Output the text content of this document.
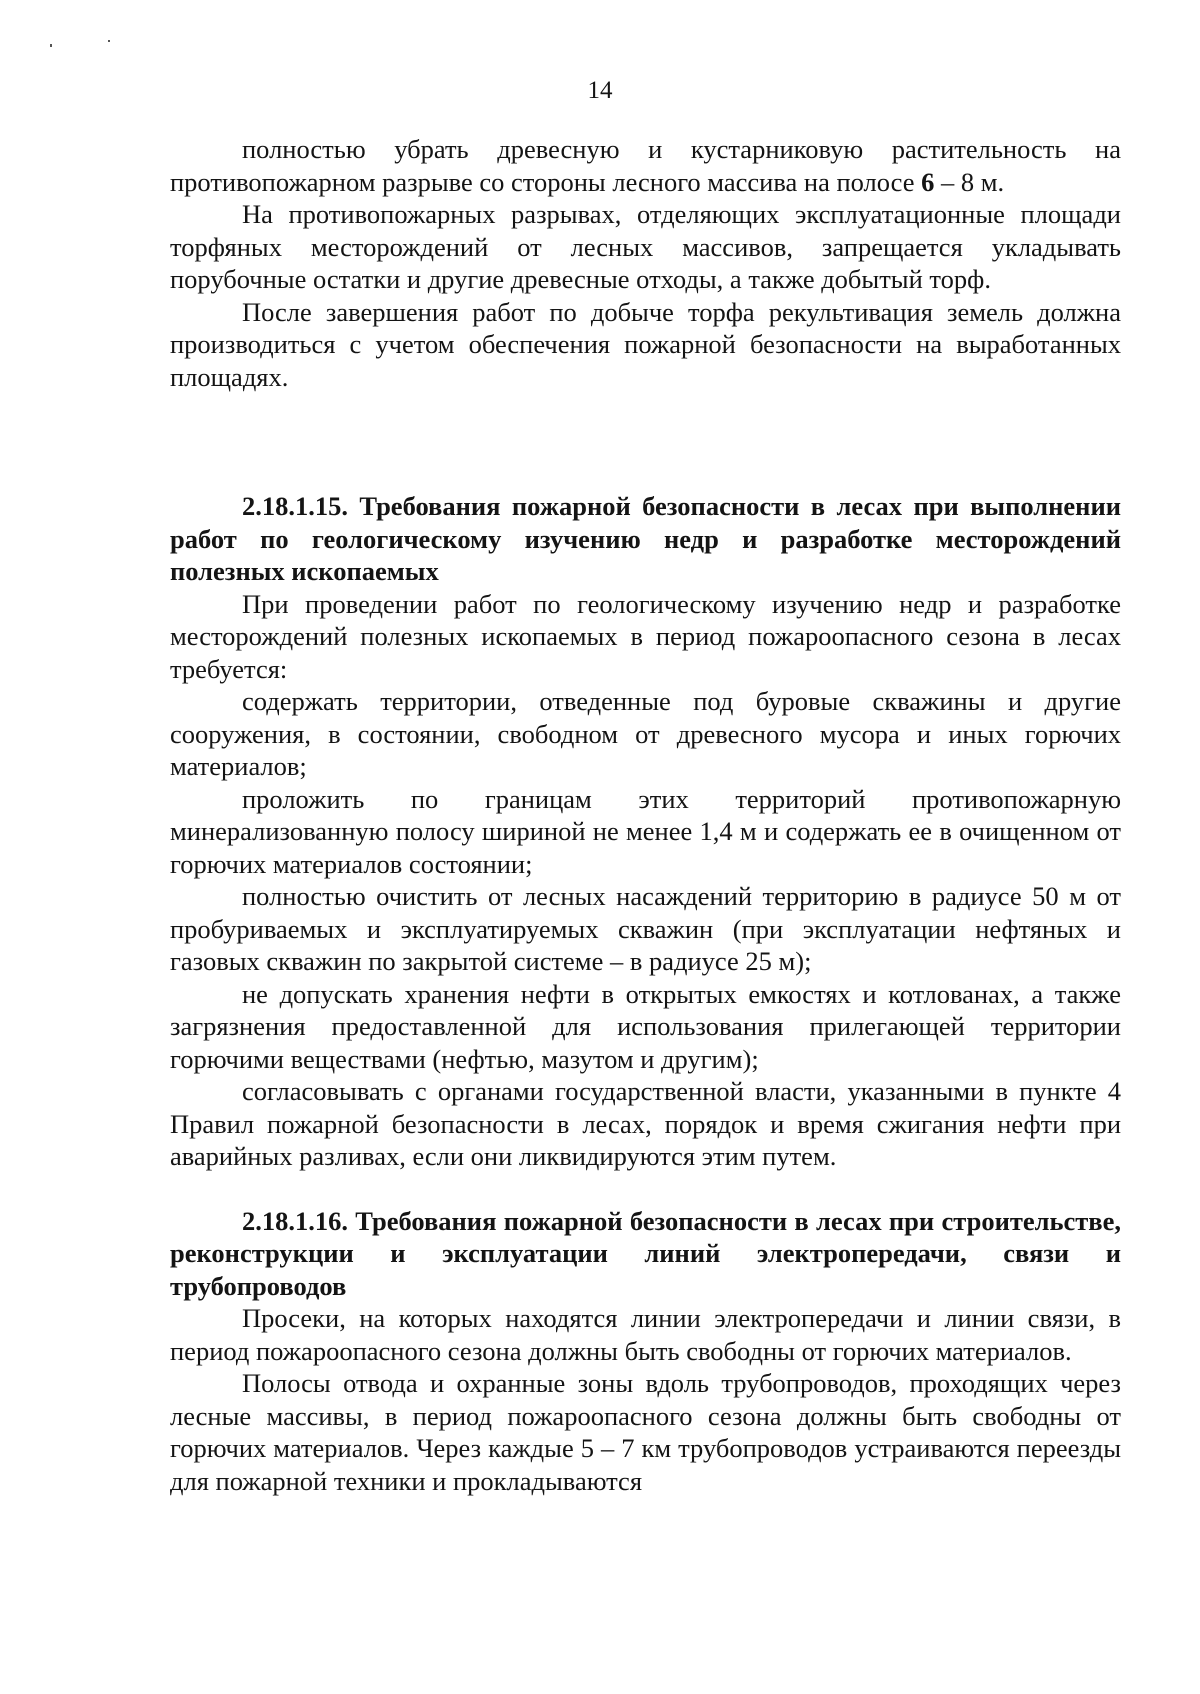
14

полностью убрать древесную и кустарниковую растительность на противопожарном разрыве со стороны лесного массива на полосе 6 – 8 м.

На противопожарных разрывах, отделяющих эксплуатационные площади торфяных месторождений от лесных массивов, запрещается укладывать порубочные остатки и другие древесные отходы, а также добытый торф.

После завершения работ по добыче торфа рекультивация земель должна производиться с учетом обеспечения пожарной безопасности на выработанных площадях.

2.18.1.15. Требования пожарной безопасности в лесах при выполнении работ по геологическому изучению недр и разработке месторождений полезных ископаемых

При проведении работ по геологическому изучению недр и разработке месторождений полезных ископаемых в период пожароопасного сезона в лесах требуется:

содержать территории, отведенные под буровые скважины и другие сооружения, в состоянии, свободном от древесного мусора и иных горючих материалов;

проложить по границам этих территорий противопожарную минерализованную полосу шириной не менее 1,4 м и содержать ее в очищенном от горючих материалов состоянии;

полностью очистить от лесных насаждений территорию в радиусе 50 м от пробуриваемых и эксплуатируемых скважин (при эксплуатации нефтяных и газовых скважин по закрытой системе – в радиусе 25 м);

не допускать хранения нефти в открытых емкостях и котлованах, а также загрязнения предоставленной для использования прилегающей территории горючими веществами (нефтью, мазутом и другим);

согласовывать с органами государственной власти, указанными в пункте 4 Правил пожарной безопасности в лесах, порядок и время сжигания нефти при аварийных разливах, если они ликвидируются этим путем.

2.18.1.16. Требования пожарной безопасности в лесах при строительстве, реконструкции и эксплуатации линий электропередачи, связи и трубопроводов

Просеки, на которых находятся линии электропередачи и линии связи, в период пожароопасного сезона должны быть свободны от горючих материалов.

Полосы отвода и охранные зоны вдоль трубопроводов, проходящих через лесные массивы, в период пожароопасного сезона должны быть свободны от горючих материалов. Через каждые 5 – 7 км трубопроводов устраиваются переезды для пожарной техники и прокладываются
